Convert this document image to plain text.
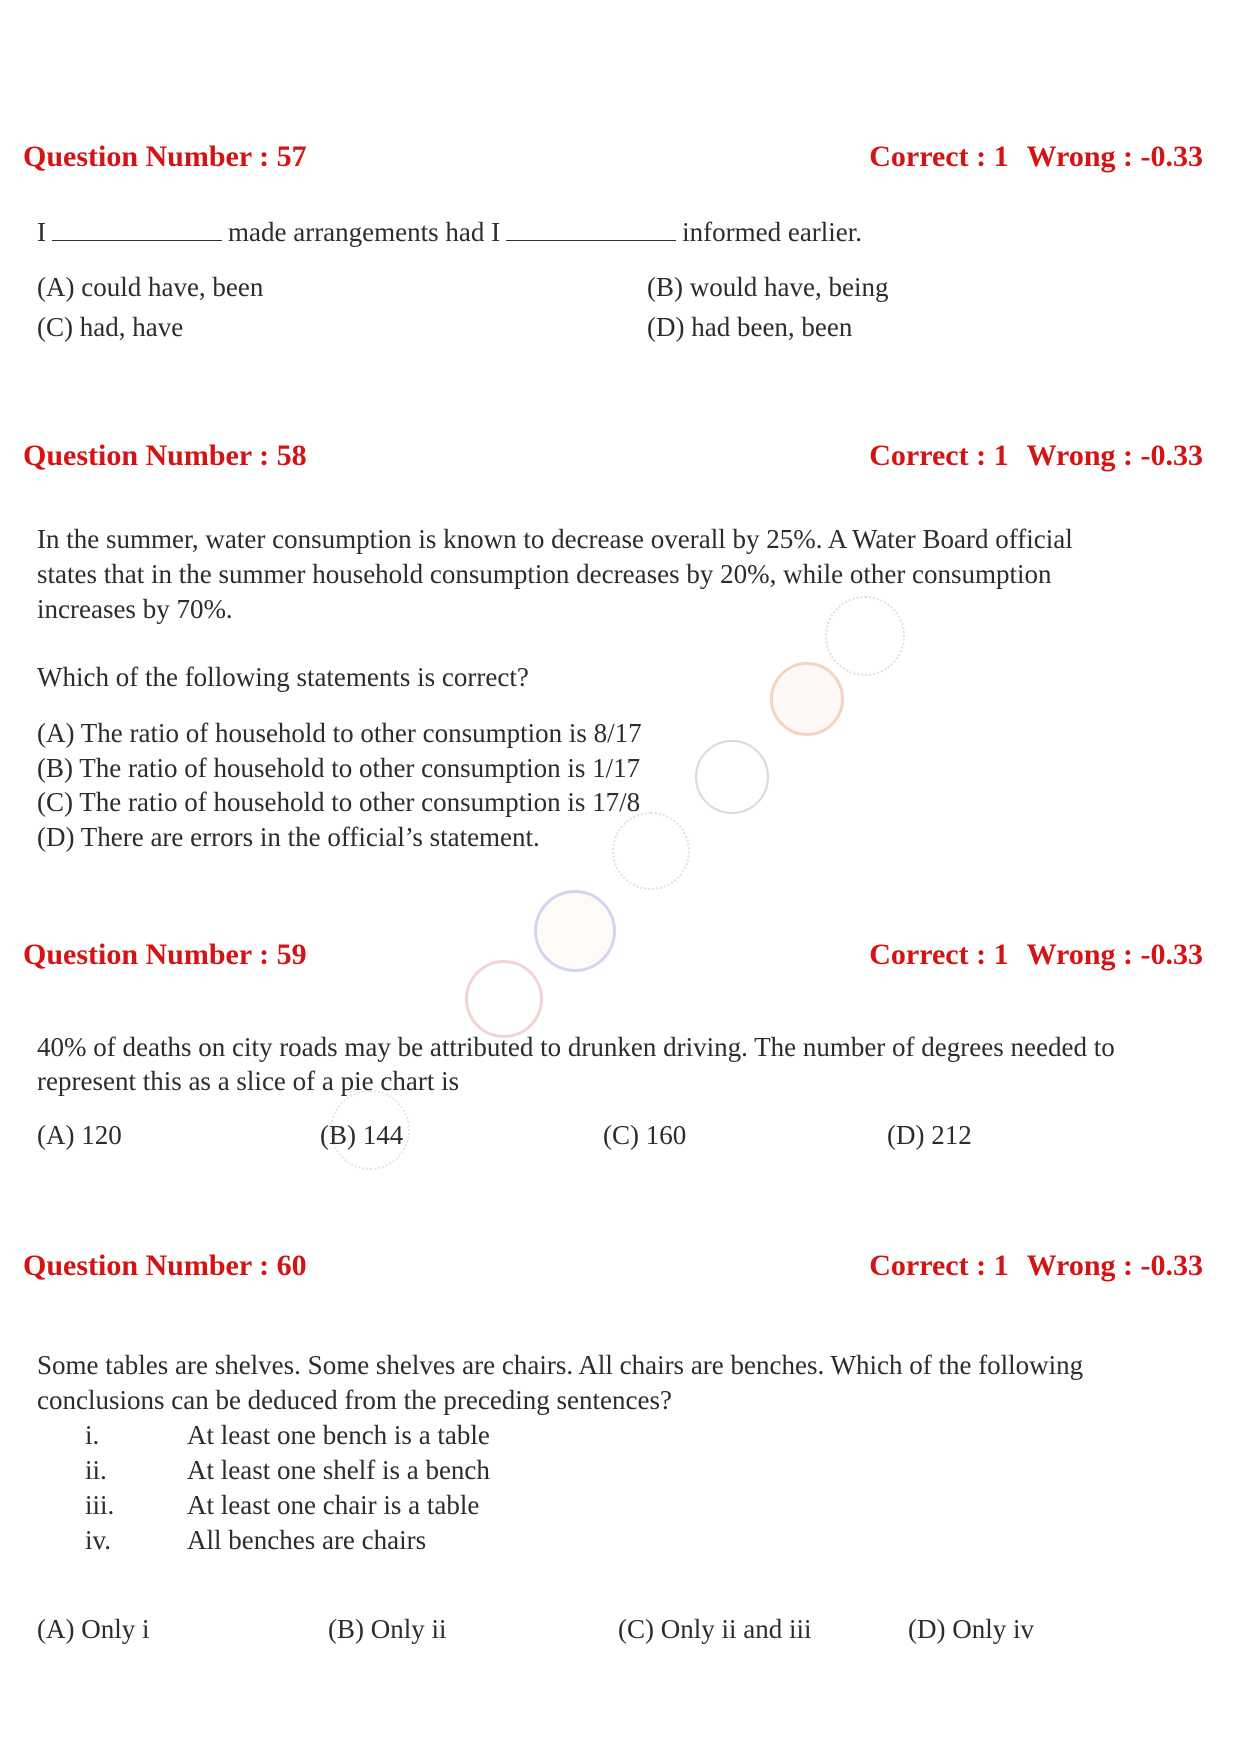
Question Number : 57	Correct : 1 Wrong : -0.33
I	made arrangements had I	informed earlier.
(A) could have, been	(B) would have, being
(C) had, have	(D) had been, been
Question Number : 58	Correct : 1 Wrong : -0.33
In the summer, water consumption is known to decrease overall by 25%. A Water Board official
states that in the summer household consumption decreases by 20%, while other consumption
increases by 70%.
Which of the following statements is correct?
(A) The ratio of household to other consumption is 8/17
(B) The ratio of household to other consumption is 1/17
(C) The ratio of household to other consumption is 17/8
(D) There are errors in the official’s statement.
Question Number : 59	Correct : 1 Wrong : -0.33
40% of deaths on city roads may be attributed to drunken driving. The number of degrees needed to
represent this as a slice of a pie chart is
(A) 120	(B) 144	(C) 160	(D) 212
Question Number : 60	Correct : 1 Wrong : -0.33
Some tables are shelves. Some shelves are chairs. All chairs are benches. Which of the following
conclusions can be deduced from the preceding sentences?
i.	At least one bench is a table
ii.	At least one shelf is a bench
iii.	At least one chair is a table
iv.	All benches are chairs
(A) Only i	(B) Only ii	(C) Only ii and iii	(D) Only iv
